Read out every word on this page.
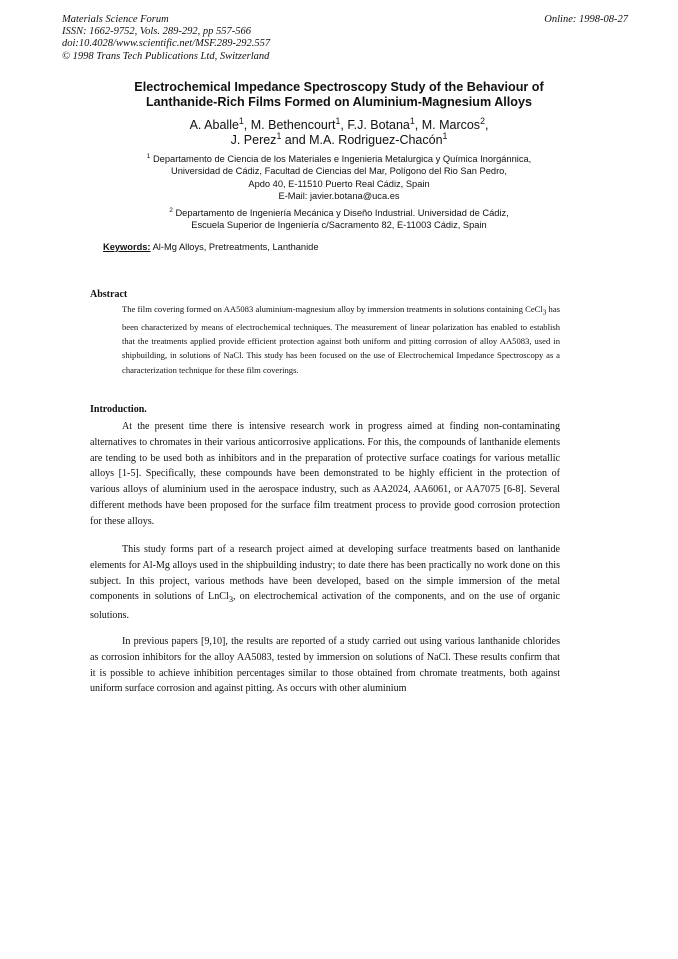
Materials Science Forum
ISSN: 1662-9752, Vols. 289-292, pp 557-566
doi:10.4028/www.scientific.net/MSF.289-292.557
© 1998 Trans Tech Publications Ltd, Switzerland
Online: 1998-08-27
Electrochemical Impedance Spectroscopy Study of the Behaviour of
Lanthanide-Rich Films Formed on Aluminium-Magnesium Alloys
A. Aballe$^1$, M. Bethencourt$^1$, F.J. Botana$^1$, M. Marcos$^2$,
J. Perez$^1$ and M.A. Rodriguez-Chacón$^1$
$^1$ Departamento de Ciencia de los Materiales e Ingenieria Metalurgica y Química Inorgánnica,
Universidad de Cádiz, Facultad de Ciencias del Mar, Polígono del Rio San Pedro,
Apdo 40, E-11510 Puerto Real Cádiz, Spain
E-Mail: javier.botana@uca.es
$^2$ Departamento de Ingeniería Mecánica y Diseño Industrial. Universidad de Cádiz,
Escuela Superior de Ingeniería c/Sacramento 82, E-11003 Cádiz, Spain
Keywords: Al-Mg Alloys, Pretreatments, Lanthanide
Abstract
The film covering formed on AA5083 aluminium-magnesium alloy by immersion treatments in solutions containing CeCl$_3$ has been characterized by means of electrochemical techniques. The measurement of linear polarization has enabled to establish that the treatments applied provide efficient protection against both uniform and pitting corrosion of alloy AA5083, used in shipbuilding, in solutions of NaCl. This study has been focused on the use of Electrochemical Impedance Spectroscopy as a characterization technique for these film coverings.
Introduction.
At the present time there is intensive research work in progress aimed at finding non-contaminating alternatives to chromates in their various anticorrosive applications. For this, the compounds of lanthanide elements are tending to be used both as inhibitors and in the preparation of protective surface coatings for various metallic alloys [1-5]. Specifically, these compounds have been demonstrated to be highly efficient in the protection of various alloys of aluminium used in the aerospace industry, such as AA2024, AA6061, or AA7075 [6-8]. Several different methods have been proposed for the surface film treatment process to provide good corrosion protection for these alloys.
This study forms part of a research project aimed at developing surface treatments based on lanthanide elements for Al-Mg alloys used in the shipbuilding industry; to date there has been practically no work done on this subject. In this project, various methods have been developed, based on the simple immersion of the metal components in solutions of LnCl$_3$, on electrochemical activation of the components, and on the use of organic solutions.
In previous papers [9,10], the results are reported of a study carried out using various lanthanide chlorides as corrosion inhibitors for the alloy AA5083, tested by immersion on solutions of NaCl. These results confirm that it is possible to achieve inhibition percentages similar to those obtained from chromate treatments, both against uniform surface corrosion and against pitting. As occurs with other aluminium
